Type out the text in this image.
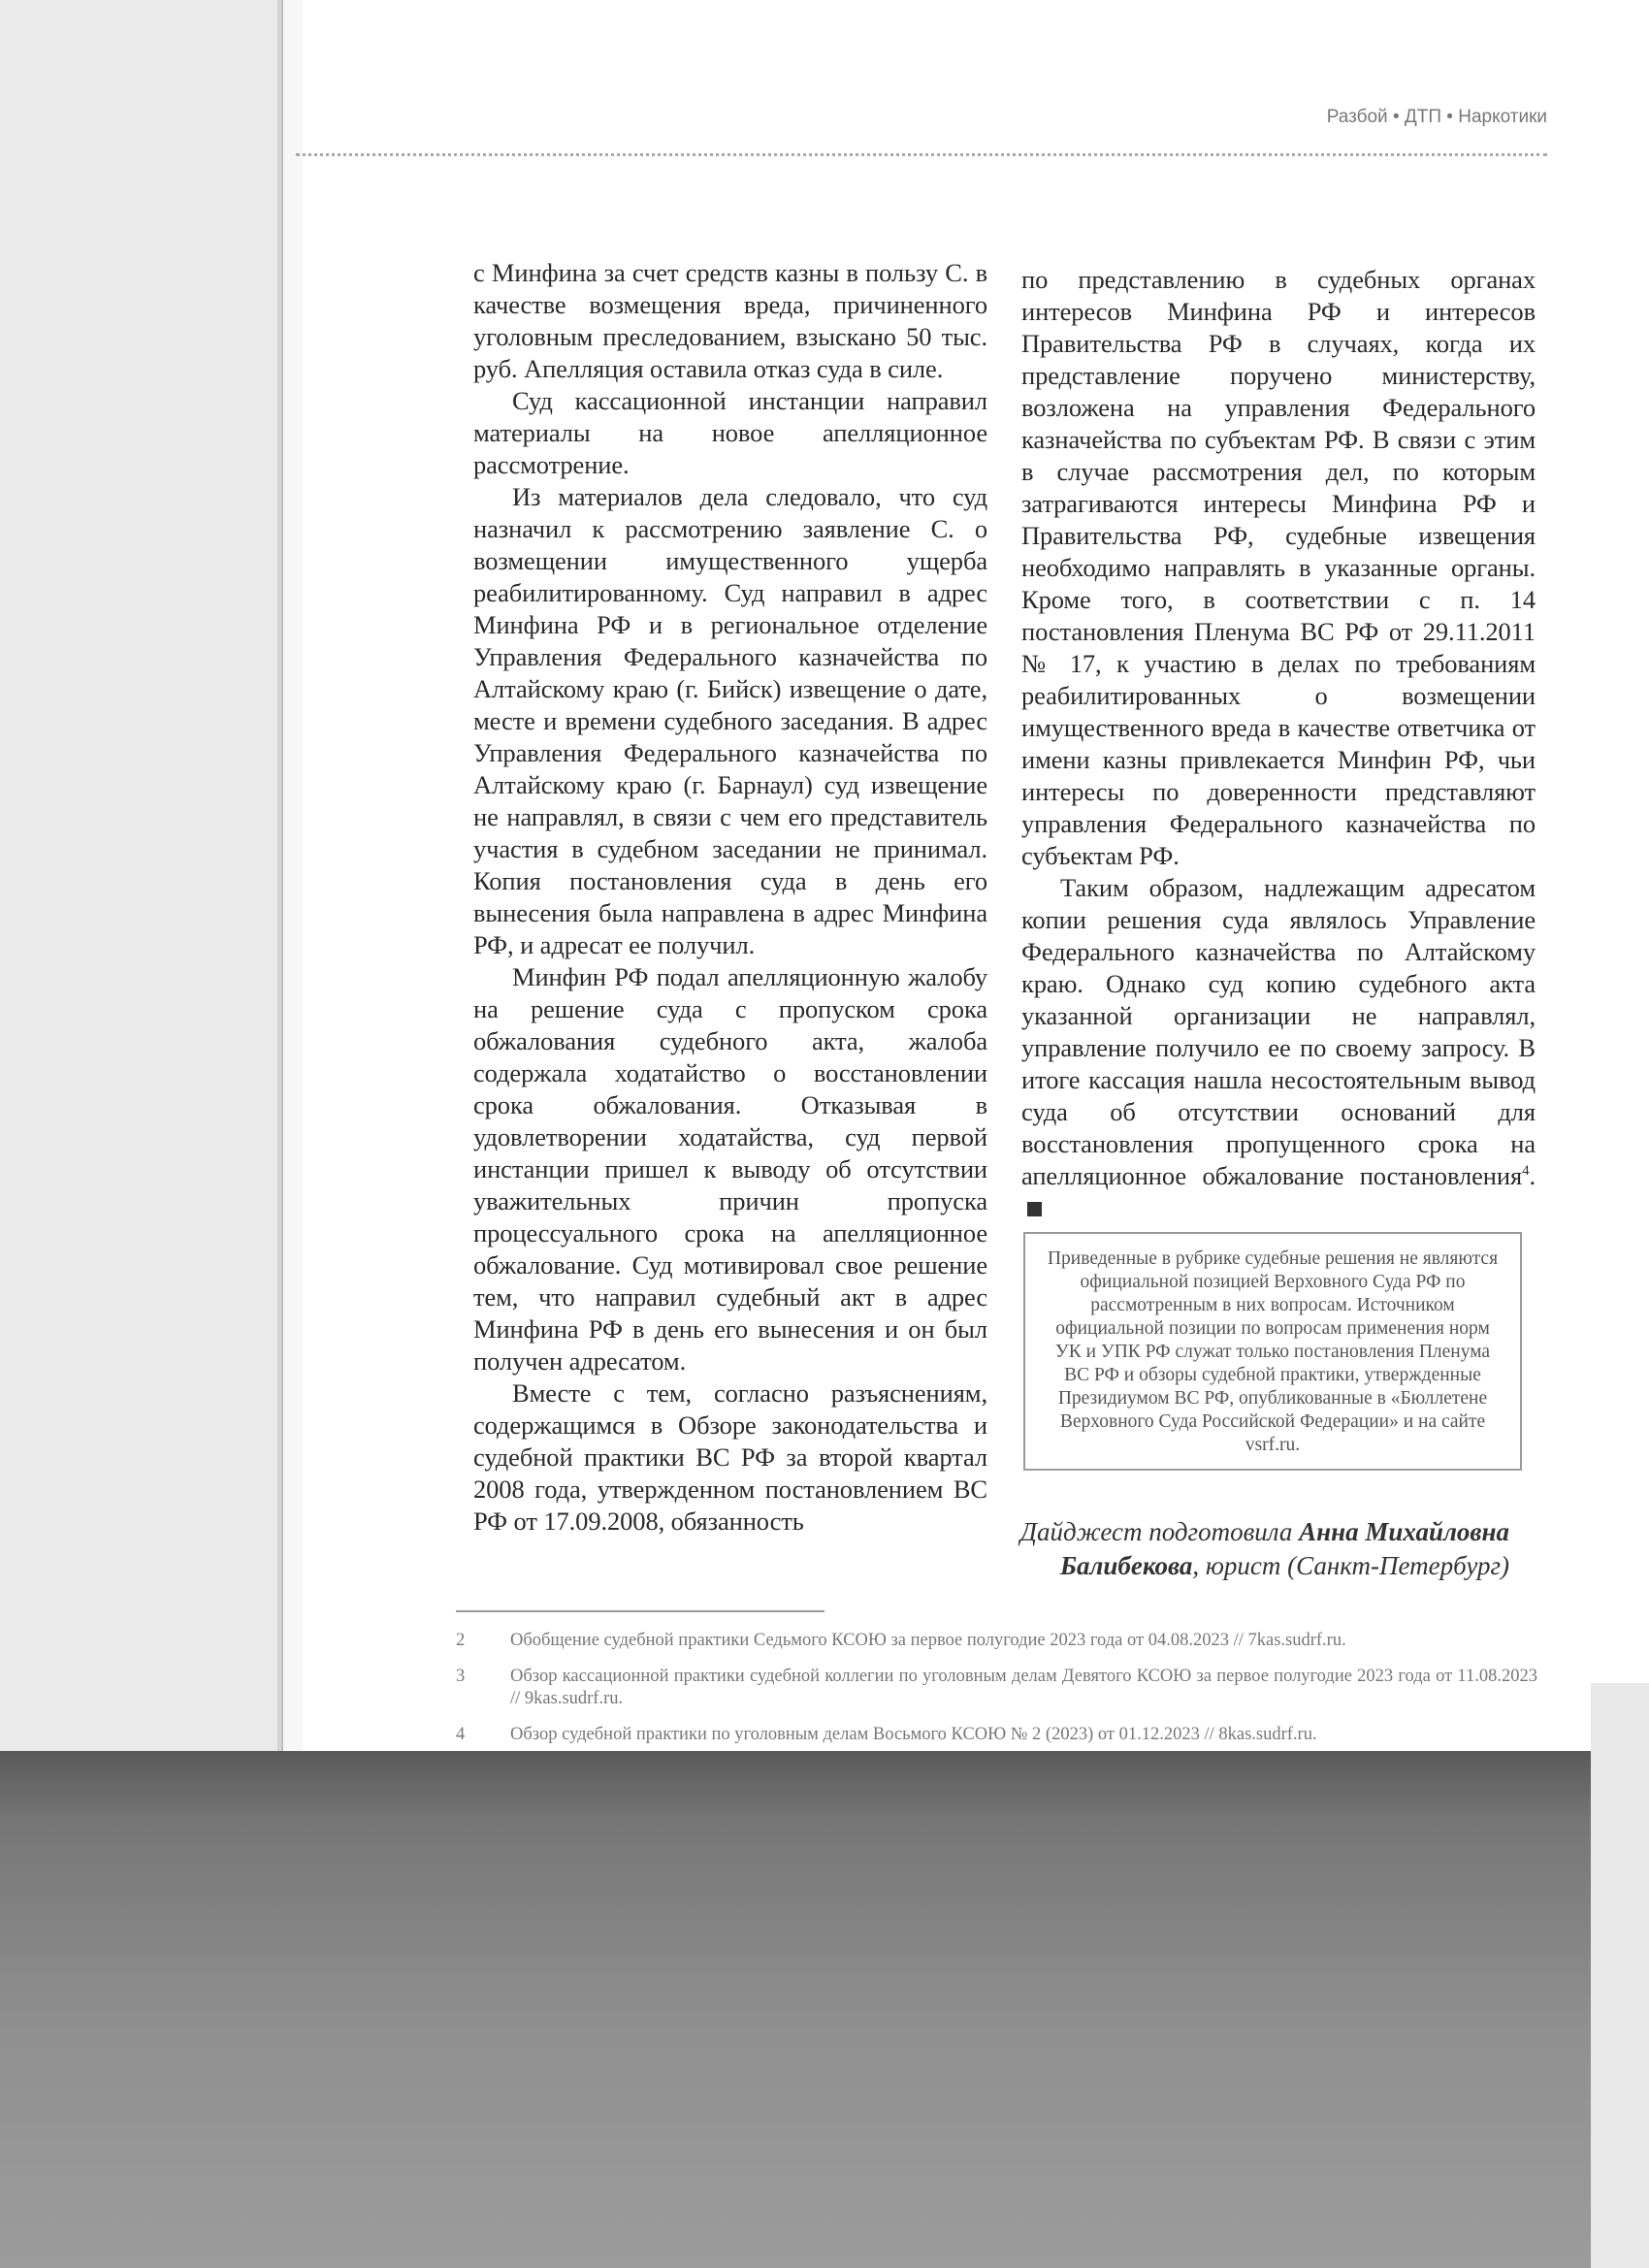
Разбой • ДТП • Наркотики

с Минфина за счет средств казны в пользу С. в качестве возмещения вреда, причиненного уголовным преследованием, взыскано 50 тыс. руб. Апелляция оставила отказ суда в силе.

Суд кассационной инстанции направил материалы на новое апелляционное рассмотрение.

Из материалов дела следовало, что суд назначил к рассмотрению заявление С. о возмещении имущественного ущерба реабилитированному. Суд направил в адрес Минфина РФ и в региональное отделение Управления Федерального казначейства по Алтайскому краю (г. Бийск) извещение о дате, месте и времени судебного заседания. В адрес Управления Федерального казначейства по Алтайскому краю (г. Барнаул) суд извещение не направлял, в связи с чем его представитель участия в судебном заседании не принимал. Копия постановления суда в день его вынесения была направлена в адрес Минфина РФ, и адресат ее получил.

Минфин РФ подал апелляционную жалобу на решение суда с пропуском срока обжалования судебного акта, жалоба содержала ходатайство о восстановлении срока обжалования. Отказывая в удовлетворении ходатайства, суд первой инстанции пришел к выводу об отсутствии уважительных причин пропуска процессуального срока на апелляционное обжалование. Суд мотивировал свое решение тем, что направил судебный акт в адрес Минфина РФ в день его вынесения и он был получен адресатом.

Вместе с тем, согласно разъяснениям, содержащимся в Обзоре законодательства и судебной практики ВС РФ за второй квартал 2008 года, утвержденном постановлением ВС РФ от 17.09.2008, обязанность

по представлению в судебных органах интересов Минфина РФ и интересов Правительства РФ в случаях, когда их представление поручено министерству, возложена на управления Федерального казначейства по субъектам РФ. В связи с этим в случае рассмотрения дел, по которым затрагиваются интересы Минфина РФ и Правительства РФ, судебные извещения необходимо направлять в указанные органы. Кроме того, в соответствии с п. 14 постановления Пленума ВС РФ от 29.11.2011 № 17, к участию в делах по требованиям реабилитированных о возмещении имущественного вреда в качестве ответчика от имени казны привлекается Минфин РФ, чьи интересы по доверенности представляют управления Федерального казначейства по субъектам РФ.

Таким образом, надлежащим адресатом копии решения суда являлось Управление Федерального казначейства по Алтайскому краю. Однако суд копию судебного акта указанной организации не направлял, управление получило ее по своему запросу. В итоге кассация нашла несостоятельным вывод суда об отсутствии оснований для восстановления пропущенного срока на апелляционное обжалование постановления$^4$.

Приведенные в рубрике судебные решения не являются официальной позицией Верховного Суда РФ по рассмотренным в них вопросам. Источником официальной позиции по вопросам применения норм УК и УПК РФ служат только постановления Пленума ВС РФ и обзоры судебной практики, утвержденные Президиумом ВС РФ, опубликованные в «Бюллетене Верховного Суда Российской Федерации» и на сайте vsrf.ru.
Дайджест подготовила Анна Михайловна Балибекова, юрист (Санкт-Петербург)
2	Обобщение судебной практики Седьмого КСОЮ за первое полугодие 2023 года от 04.08.2023 // 7kas.sudrf.ru.
3	Обзор кассационной практики судебной коллегии по уголовным делам Девятого КСОЮ за первое полугодие 2023 года от 11.08.2023 // 9kas.sudrf.ru.
4	Обзор судебной практики по уголовным делам Восьмого КСОЮ № 2 (2023) от 01.12.2023 // 8kas.sudrf.ru.
